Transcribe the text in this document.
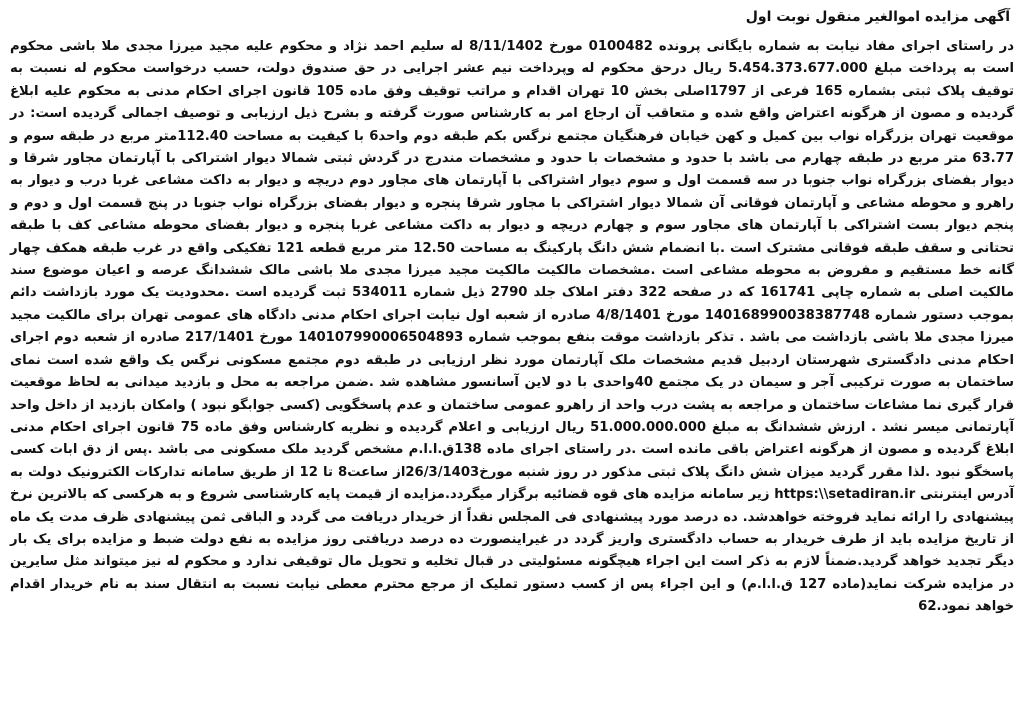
آگهی مزایده اموالغیر منقول نوبت اول

در راستای اجرای مفاد نیابت به شماره بایگانی پرونده 0100482 مورخ 8/11/1402 له سلیم احمد نژاد و محکوم علیه مجید میرزا مجدی ملا باشی محکوم است به پرداخت مبلغ 5.454.373.677.000 ریال درحق محکوم له وپرداخت نیم عشر اجرایی در حق صندوق دولت، حسب درخواست محکوم له نسبت به توقیف پلاک ثبتی بشماره 165 فرعی از 1797اصلی بخش 10 تهران اقدام و مراتب توقیف وفق ماده 105 قانون اجرای احکام مدنی به محکوم علیه ابلاغ گردیده و مصون از هرگونه اعتراض واقع شده و متعاقب آن ارجاع امر به کارشناس صورت گرفته و بشرح ذیل ارزیابی و توصیف اجمالی گردیده است: در موقعیت تهران بزرگراه نواب بین کمیل و کهن خیابان فرهنگیان مجتمع نرگس بکم طبقه دوم واحد6 با کیفیت به مساحت 112.40متر مربع در طبقه سوم و 63.77 متر مربع در طبقه چهارم می باشد با حدود و مشخصات با حدود و مشخصات مندرج در گردش ثبتی شمالا دیوار اشتراکی با آپارتمان مجاور شرقا و دیوار بفضای بزرگراه نواب جنوبا در سه قسمت اول و سوم دیوار اشتراکی با آپارتمان های مجاور دوم دریچه و دیوار به داکت مشاعی غربا درب و دیوار به راهرو و محوطه مشاعی و آپارتمان فوقانی آن شمالا دیوار اشتراکی با مجاور شرقا پنجره و دیوار بفضای بزرگراه نواب جنوبا در پنج قسمت اول و دوم و پنجم دیوار بست اشتراکی با آپارتمان های مجاور سوم و چهارم دریچه و دیوار به داکت مشاعی غربا پنجره و دیوار بفضای محوطه مشاعی کف با طبقه تحتانی و سقف طبقه فوقانی مشترک است .با انضمام شش دانگ پارکینگ به مساحت 12.50 متر مربع قطعه 121 تفکیکی واقع در غرب طبقه همکف چهار گانه خط مستقیم و مفروض به محوطه مشاعی است .مشخصات مالکیت مالکیت مجید میرزا مجدی ملا باشی مالک ششدانگ عرصه و اعیان موضوع سند مالکیت اصلی به شماره چاپی 161741 که در صفحه 322 دفتر املاک جلد 2790 ذیل شماره 534011 ثبت گردیده است .محدودیت یک مورد بازداشت دائم بموجب دستور شماره 140168990038387748 مورخ 4/8/1401 صادره از شعبه اول نیابت اجرای احکام مدنی دادگاه های عمومی تهران برای مالکیت مجید میرزا مجدی ملا باشی بازداشت می باشد . تذکر بازداشت موقت بنفع بموجب شماره 140107990006504893 مورخ 217/1401 صادره از شعبه دوم اجرای احکام مدنی دادگستری شهرستان اردبیل قدیم مشخصات ملک آپارتمان مورد نظر ارزیابی در طبقه دوم مجتمع مسکونی نرگس یک واقع شده است نمای ساختمان به صورت ترکیبی آجر و سیمان در یک مجتمع 40واحدی با دو لاین آسانسور مشاهده شد .ضمن مراجعه به محل و بازدید میدانی به لحاظ موقعیت قرار گیری نما مشاعات ساختمان و مراجعه به پشت درب واحد از راهرو عمومی ساختمان و عدم پاسخگویی (کسی جوابگو نبود ) وامکان بازدید از داخل واحد آپارتمانی میسر نشد . ارزش ششدانگ به مبلغ 51.000.000.000 ریال ارزیابی و اعلام گردیده و نظریه کارشناس وفق ماده 75 قانون اجرای احکام مدنی ابلاغ گردیده و مصون از هرگونه اعتراض باقی مانده است .در راستای اجرای ماده 138ق.ا.ا.م مشخص گردید ملک مسکونی می باشد .پس از دق ابات کسی پاسخگو نبود .لذا مقرر گردید میزان شش دانگ پلاک ثبتی مذکور در روز شنبه مورخ26/3/1403از ساعت8 تا 12 از طریق سامانه تدارکات الکترونیک دولت به آدرس اینترنتی https:\\setadiran.ir زیر سامانه مزایده های قوه قضائیه برگزار میگردد.مزایده از قیمت پایه کارشناسی شروع و به هرکسی که بالاترین نرخ پیشنهادی را ارائه نماید فروخته خواهدشد. ده درصد مورد پیشنهادی فی المجلس نقداً از خریدار دریافت می گردد و الباقی ثمن پیشنهادی ظرف مدت یک ماه از تاریخ مزایده باید از طرف خریدار به حساب دادگستری واریز گردد در غیراینصورت ده درصد دریافتی روز مزایده به نفع دولت ضبط و مزایده برای یک بار دیگر تجدید خواهد گردید.ضمناً لازم به ذکر است این اجراء هیچگونه مسئولیتی در قبال تخلیه و تحویل مال توقیفی ندارد و محکوم له نیز میتواند مثل سایرین در مزایده شرکت نماید(ماده 127 ق.ا.ا.م) و این اجراء پس از کسب دستور تملیک از مرجع محترم معطی نیابت نسبت به انتقال سند به نام خریدار اقدام خواهد نمود.62
